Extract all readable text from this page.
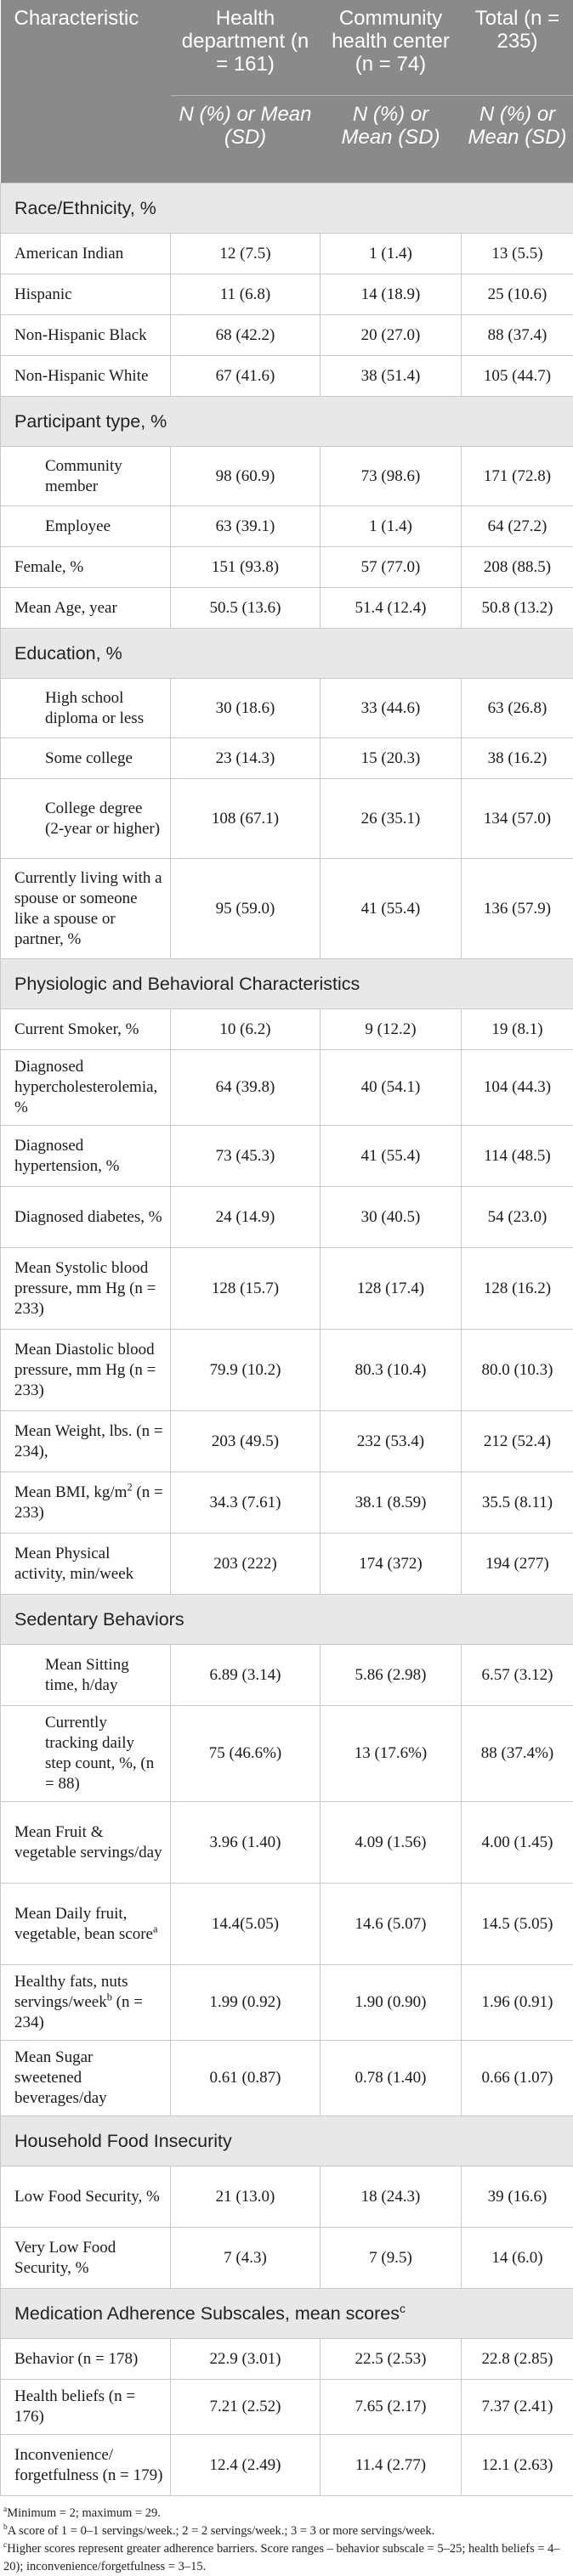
Characteristic	Health department (n = 161)	Community health center (n = 74)	Total (n = 235)
	N (%) or Mean (SD)	N (%) or Mean (SD)	N (%) or Mean (SD)
Race/Ethnicity, %			
American Indian	12 (7.5)	1 (1.4)	13 (5.5)
Hispanic	11 (6.8)	14 (18.9)	25 (10.6)
Non-Hispanic Black	68 (42.2)	20 (27.0)	88 (37.4)
Non-Hispanic White	67 (41.6)	38 (51.4)	105 (44.7)
Participant type, %			
Community member	98 (60.9)	73 (98.6)	171 (72.8)
Employee	63 (39.1)	1 (1.4)	64 (27.2)
Female, %	151 (93.8)	57 (77.0)	208 (88.5)
Mean Age, year	50.5 (13.6)	51.4 (12.4)	50.8 (13.2)
Education, %			
High school diploma or less	30 (18.6)	33 (44.6)	63 (26.8)
Some college	23 (14.3)	15 (20.3)	38 (16.2)
College degree (2-year or higher)	108 (67.1)	26 (35.1)	134 (57.0)
Currently living with a spouse or someone like a spouse or partner, %	95 (59.0)	41 (55.4)	136 (57.9)
Physiologic and Behavioral Characteristics			
Current Smoker, %	10 (6.2)	9 (12.2)	19 (8.1)
Diagnosed hypercholesterolemia, %	64 (39.8)	40 (54.1)	104 (44.3)
Diagnosed hypertension, %	73 (45.3)	41 (55.4)	114 (48.5)
Diagnosed diabetes, %	24 (14.9)	30 (40.5)	54 (23.0)
Mean Systolic blood pressure, mm Hg (n = 233)	128 (15.7)	128 (17.4)	128 (16.2)
Mean Diastolic blood pressure, mm Hg (n = 233)	79.9 (10.2)	80.3 (10.4)	80.0 (10.3)
Mean Weight, lbs. (n = 234),	203 (49.5)	232 (53.4)	212 (52.4)
Mean BMI, $kg/m^2$ (n = 233)	34.3 (7.61)	38.1 (8.59)	35.5 (8.11)
Mean Physical activity, min/week	203 (222)	174 (372)	194 (277)
Sedentary Behaviors			
Mean Sitting time, h/day	6.89 (3.14)	5.86 (2.98)	6.57 (3.12)
Currently tracking daily step count, %, (n = 88)	75 (46.6%)	13 (17.6%)	88 (37.4%)
Mean Fruit & vegetable servings/day	3.96 (1.40)	4.09 (1.56)	4.00 (1.45)
Mean Daily fruit, vegetable, bean score$^a$	14.4(5.05)	14.6 (5.07)	14.5 (5.05)
Healthy fats, nuts servings/week$^b$ (n = 234)	1.99 (0.92)	1.90 (0.90)	1.96 (0.91)
Mean Sugar sweetened beverages/day	0.61 (0.87)	0.78 (1.40)	0.66 (1.07)
Household Food Insecurity			
Low Food Security, %	21 (13.0)	18 (24.3)	39 (16.6)
Very Low Food Security, %	7 (4.3)	7 (9.5)	14 (6.0)
Medication Adherence Subscales, mean scores$^c$
Behavior (n = 178)	22.9 (3.01)	22.5 (2.53)	22.8 (2.85)
Health beliefs (n = 176)	7.21 (2.52)	7.65 (2.17)	7.37 (2.41)
Inconvenience/ forgetfulness (n = 179)	12.4 (2.49)	11.4 (2.77)	12.1 (2.63)

$^a$Minimum = 2; maximum = 29.

$^b$A score of 1 = 0–1 servings/week.; 2 = 2 servings/week.; 3 = 3 or more servings/week.

$^c$Higher scores represent greater adherence barriers. Score ranges – behavior subscale = 5–25; health beliefs = 4–20); inconvenience/forgetfulness = 3–15.
